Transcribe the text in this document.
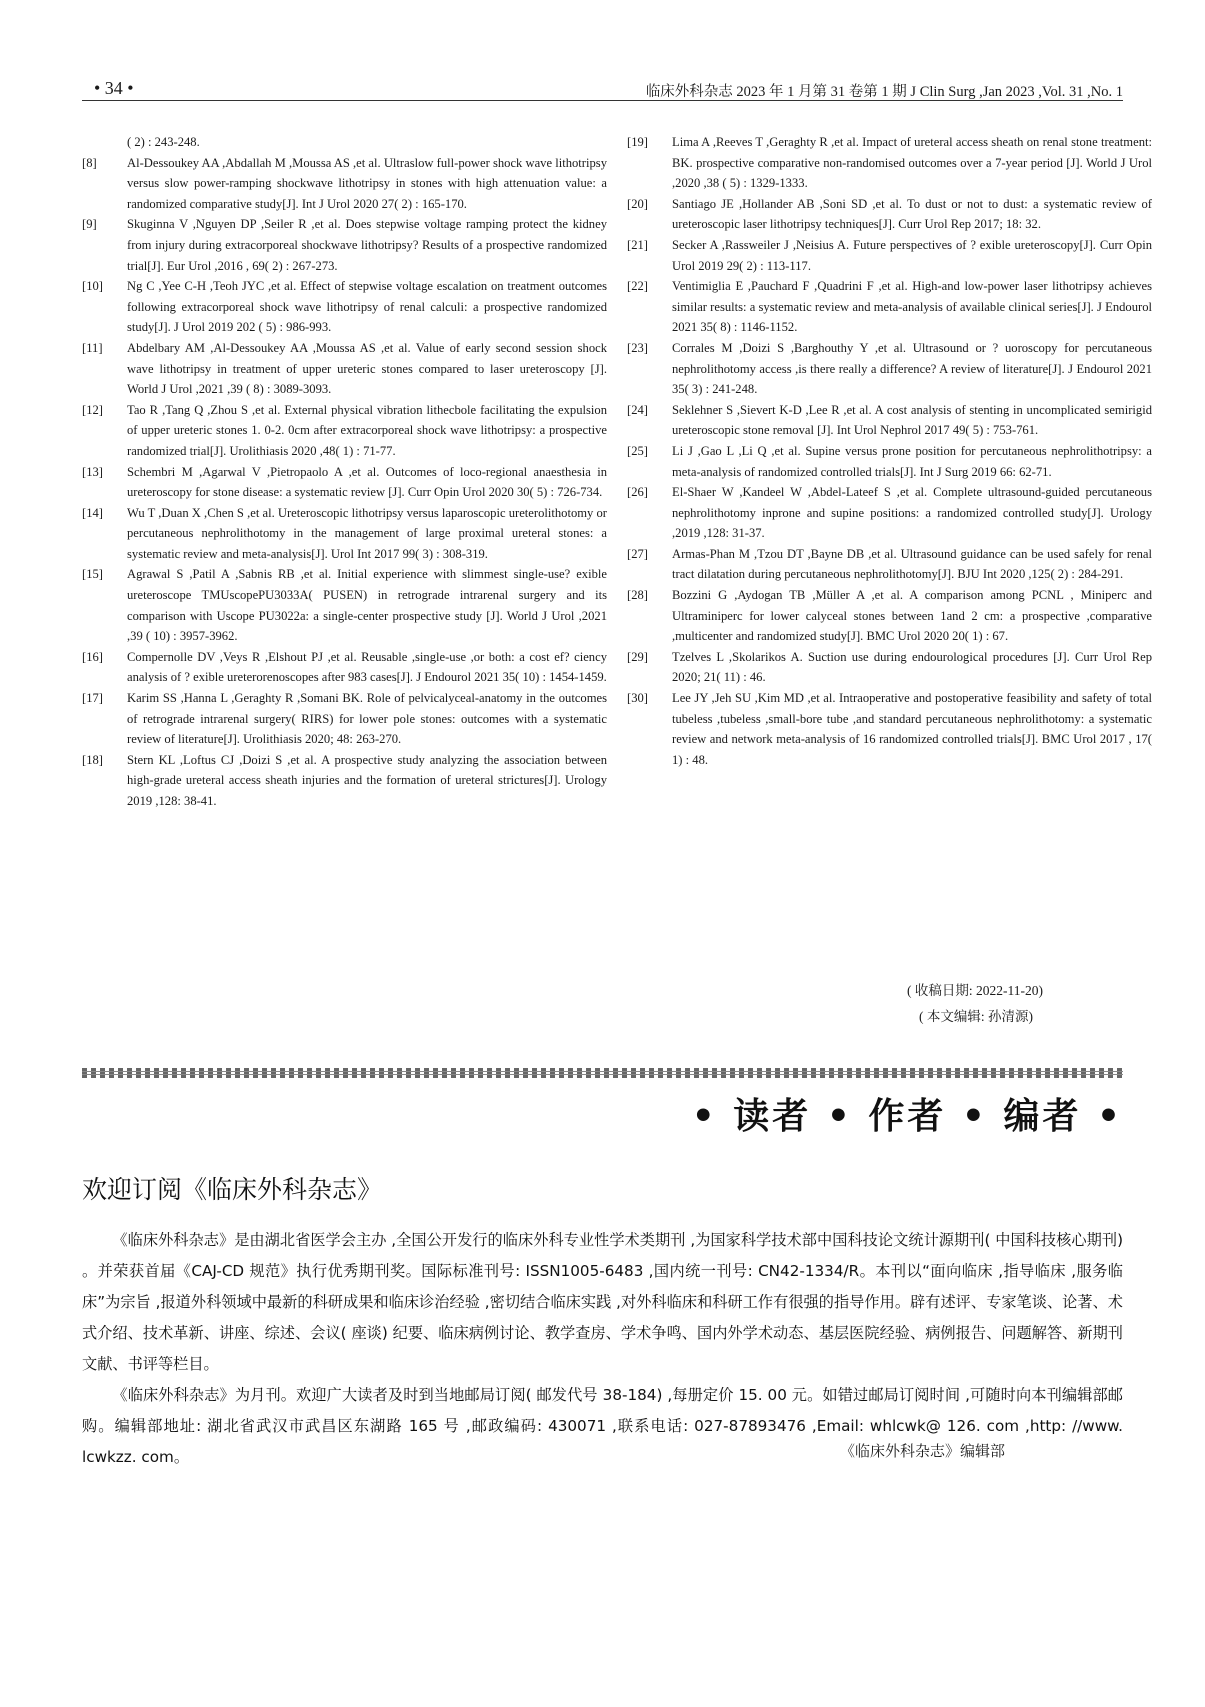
• 34 •	临床外科杂志 2023 年 1 月第 31 卷第 1 期 J Clin Surg ,Jan 2023 ,Vol. 31 ,No. 1
( 2) : 243-248.
[8] Al-Dessoukey AA ,Abdallah M ,Moussa AS ,et al. Ultraslow full-power shock wave lithotripsy versus slow power-ramping shockwave lithotripsy in stones with high attenuation value: a randomized comparative study[J]. Int J Urol 2020 27( 2) : 165-170.
[9] Skuginna V ,Nguyen DP ,Seiler R ,et al. Does stepwise voltage ramping protect the kidney from injury during extracorporeal shockwave lithotripsy? Results of a prospective randomized trial[J]. Eur Urol ,2016 , 69( 2) : 267-273.
[10] Ng C ,Yee C-H ,Teoh JYC ,et al. Effect of stepwise voltage escalation on treatment outcomes following extracorporeal shock wave lithotripsy of renal calculi: a prospective randomized study[J]. J Urol 2019 202 ( 5) : 986-993.
[11] Abdelbary AM ,Al-Dessoukey AA ,Moussa AS ,et al. Value of early second session shock wave lithotripsy in treatment of upper ureteric stones compared to laser ureteroscopy [J]. World J Urol ,2021 ,39 ( 8) : 3089-3093.
[12] Tao R ,Tang Q ,Zhou S ,et al. External physical vibration lithecbole facilitating the expulsion of upper ureteric stones 1. 0-2. 0cm after extracorporeal shock wave lithotripsy: a prospective randomized trial[J]. Urolithiasis 2020 ,48( 1) : 71-77.
[13] Schembri M ,Agarwal V ,Pietropaolo A ,et al. Outcomes of loco-regional anaesthesia in ureteroscopy for stone disease: a systematic review [J]. Curr Opin Urol 2020 30( 5) : 726-734.
[14] Wu T ,Duan X ,Chen S ,et al. Ureteroscopic lithotripsy versus laparoscopic ureterolithotomy or percutaneous nephrolithotomy in the management of large proximal ureteral stones: a systematic review and meta-analysis[J]. Urol Int 2017 99( 3) : 308-319.
[15] Agrawal S ,Patil A ,Sabnis RB ,et al. Initial experience with slimmest single-use? exible ureteroscope TMUscopePU3033A( PUSEN) in retrograde intrarenal surgery and its comparison with Uscope PU3022a: a single-center prospective study [J]. World J Urol ,2021 ,39 ( 10) : 3957-3962.
[16] Compernolle DV ,Veys R ,Elshout PJ ,et al. Reusable ,single-use ,or both: a cost ef? ciency analysis of ? exible ureterorenoscopes after 983 cases[J]. J Endourol 2021 35( 10) : 1454-1459.
[17] Karim SS ,Hanna L ,Geraghty R ,Somani BK. Role of pelvicalyceal-anatomy in the outcomes of retrograde intrarenal surgery( RIRS) for lower pole stones: outcomes with a systematic review of literature[J]. Urolithiasis 2020; 48: 263-270.
[18] Stern KL ,Loftus CJ ,Doizi S ,et al. A prospective study analyzing the association between high-grade ureteral access sheath injuries and the formation of ureteral strictures[J]. Urology 2019 ,128: 38-41.
[19] Lima A ,Reeves T ,Geraghty R ,et al. Impact of ureteral access sheath on renal stone treatment: BK. prospective comparative non-randomised outcomes over a 7-year period [J]. World J Urol ,2020 ,38 ( 5) : 1329-1333.
[20] Santiago JE ,Hollander AB ,Soni SD ,et al. To dust or not to dust: a systematic review of ureteroscopic laser lithotripsy techniques[J]. Curr Urol Rep 2017; 18: 32.
[21] Secker A ,Rassweiler J ,Neisius A. Future perspectives of ? exible ureteroscopy[J]. Curr Opin Urol 2019 29( 2) : 113-117.
[22] Ventimiglia E ,Pauchard F ,Quadrini F ,et al. High-and low-power laser lithotripsy achieves similar results: a systematic review and meta-analysis of available clinical series[J]. J Endourol 2021 35( 8) : 1146-1152.
[23] Corrales M ,Doizi S ,Barghouthy Y ,et al. Ultrasound or ? uoroscopy for percutaneous nephrolithotomy access ,is there really a difference? A review of literature[J]. J Endourol 2021 35( 3) : 241-248.
[24] Seklehner S ,Sievert K-D ,Lee R ,et al. A cost analysis of stenting in uncomplicated semirigid ureteroscopic stone removal [J]. Int Urol Nephrol 2017 49( 5) : 753-761.
[25] Li J ,Gao L ,Li Q ,et al. Supine versus prone position for percutaneous nephrolithotripsy: a meta-analysis of randomized controlled trials[J]. Int J Surg 2019 66: 62-71.
[26] El-Shaer W ,Kandeel W ,Abdel-Lateef S ,et al. Complete ultrasound-guided percutaneous nephrolithotomy inprone and supine positions: a randomized controlled study[J]. Urology ,2019 ,128: 31-37.
[27] Armas-Phan M ,Tzou DT ,Bayne DB ,et al. Ultrasound guidance can be used safely for renal tract dilatation during percutaneous nephrolithotomy[J]. BJU Int 2020 ,125( 2) : 284-291.
[28] Bozzini G ,Aydogan TB ,Müller A ,et al. A comparison among PCNL , Miniperc and Ultraminiperc for lower calyceal stones between 1and 2 cm: a prospective ,comparative ,multicenter and randomized study[J]. BMC Urol 2020 20( 1) : 67.
[29] Tzelves L ,Skolarikos A. Suction use during endourological procedures [J]. Curr Urol Rep 2020; 21( 11) : 46.
[30] Lee JY ,Jeh SU ,Kim MD ,et al. Intraoperative and postoperative feasibility and safety of total tubeless ,tubeless ,small-bore tube ,and standard percutaneous nephrolithotomy: a systematic review and network meta-analysis of 16 randomized controlled trials[J]. BMC Urol 2017 , 17( 1) : 48.
( 收稿日期: 2022-11-20)
( 本文编辑: 孙清源)
• 读者 • 作者 • 编者 •
欢迎订阅《临床外科杂志》

《临床外科杂志》是由湖北省医学会主办 ,全国公开发行的临床外科专业性学术类期刊 ,为国家科学技术部中国科技论文统计源期刊( 中国科技核心期刊) 。并荣获首届《CAJ-CD 规范》执行优秀期刊奖。国际标准刊号: ISSN1005-6483 ,国内统一刊号: CN42-1334/R。本刊以“面向临床 ,指导临床 ,服务临床”为宗旨 ,报道外科领域中最新的科研成果和临床诊治经验 ,密切结合临床实践 ,对外科临床和科研工作有很强的指导作用。辟有述评、专家笔谈、论著、术式介绍、技术革新、讲座、综述、会议( 座谈) 纪要、临床病例讨论、教学查房、学术争鸣、国内外学术动态、基层医院经验、病例报告、问题解答、新期刊文献、书评等栏目。

《临床外科杂志》为月刊。欢迎广大读者及时到当地邮局订阅( 邮发代号 38-184) ,每册定价 15. 00 元。如错过邮局订阅时间 ,可随时向本刊编辑部邮购。编辑部地址: 湖北省武汉市武昌区东湖路 165 号 ,邮政编码: 430071 ,联系电话: 027-87893476 ,Email: whlcwk@ 126. com ,http: //www. lcwkzz. com。	《临床外科杂志》编辑部
